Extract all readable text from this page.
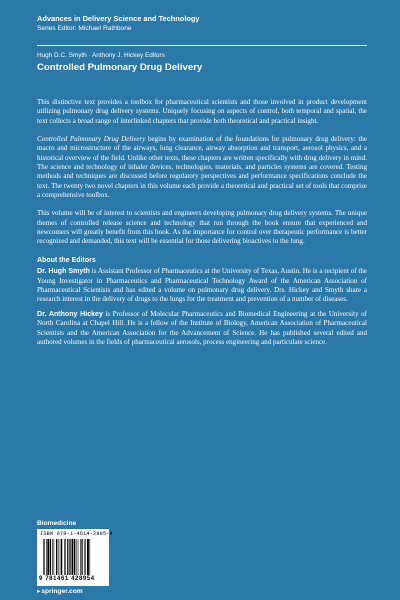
Advances in Delivery Science and Technology
Series Editor: Michael Rathbone
Hugh D.C. Smyth · Anthony J. Hickey Editors
Controlled Pulmonary Drug Delivery

This distinctive text provides a toolbox for pharmaceutical scientists and those involved in product development utilizing pulmonary drug delivery systems. Uniquely focusing on aspects of control, both temporal and spatial, the text collects a broad range of interlinked chapters that provide both theoretical and practical insight.

Controlled Pulmonary Drug Delivery begins by examination of the foundations for pulmonary drug delivery: the macro and microstructure of the airways, lung clearance, airway absorption and transport, aerosol physics, and a historical overview of the field. Unlike other texts, these chapters are written specifically with drug delivery in mind. The science and technology of inhaler devices, technologies, materials, and particles systems are covered. Testing methods and techniques are discussed before regulatory perspectives and performance specifications conclude the text. The twenty two novel chapters in this volume each provide a theoretical and practical set of tools that comprise a comprehensive toolbox.

This volume will be of interest to scientists and engineers developing pulmonary drug delivery systems. The unique themes of controlled release science and technology that run through the book ensure that experienced and newcomers will greatly benefit from this book. As the importance for control over therapeutic performance is better recognized and demanded, this text will be essential for those delivering bioactives to the lung.

About the Editors

Dr. Hugh Smyth is Assistant Professor of Pharmaceutics at the University of Texas, Austin. He is a recipient of the Young Investigator in Pharmaceutics and Pharmaceutical Technology Award of the American Association of Pharmaceutical Scientists and has edited a volume on pulmonary drug delivery. Drs. Hickey and Smyth share a research interest in the delivery of drugs to the lungs for the treatment and prevention of a number of diseases.

Dr. Anthony Hickey is Professor of Molecular Pharmaceutics and Biomedical Engineering at the University of North Carolina at Chapel Hill. He is a fellow of the Institute of Biology, American Association of Pharmaceutical Scientists and the American Association for the Advancement of Science. He has published several edited and authored volumes in the fields of pharmaceutical aerosols, process engineering and particulate science.

Biomedicine
ISBN 978-1-4614-2895-4
9 781461 428954
▸ springer.com
